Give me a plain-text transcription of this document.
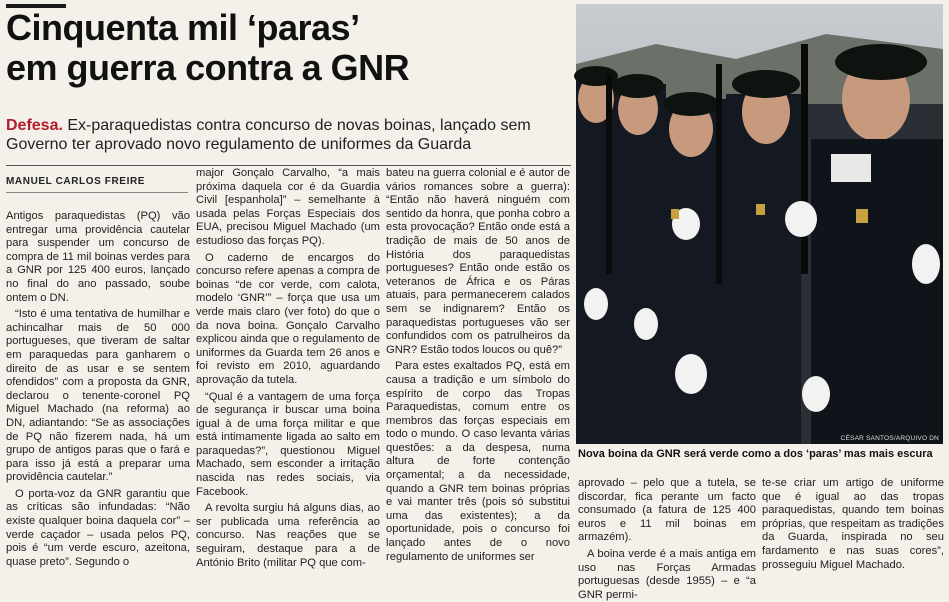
Cinquenta mil ‘paras’
em guerra contra a GNR
Defesa. Ex-paraquedistas contra concurso de novas boinas, lançado sem Governo ter aprovado novo regulamento de uniformes da Guarda
MANUEL CARLOS FREIRE

Antigos paraquedistas (PQ) vão entregar uma providência cautelar para suspender um concurso de compra de 11 mil boinas verdes para a GNR por 125 400 euros, lançado no final do ano passado, soube ontem o DN.

“Isto é uma tentativa de humilhar e achincalhar mais de 50 000 portugueses, que tiveram de saltar em paraquedas para ganharem o direito de as usar e se sentem ofendidos” com a proposta da GNR, declarou o tenente-coronel PQ Miguel Machado (na reforma) ao DN, adiantando: “Se as associações de PQ não fizerem nada, há um grupo de antigos paras que o fará e para isso já está a preparar uma providência cautelar.”

O porta-voz da GNR garantiu que as críticas são infundadas: “Não existe qualquer boina daquela cor” – verde caçador – usada pelos PQ, pois é “um verde escuro, azeitona, quase preto”. Segundo o

major Gonçalo Carvalho, “a mais próxima daquela cor é da Guardia Civil [espanhola]” – semelhante à usada pelas Forças Especiais dos EUA, precisou Miguel Machado (um estudioso das forças PQ).

O caderno de encargos do concurso refere apenas a compra de boinas “de cor verde, com calota, modelo ‘GNR’” – força que usa um verde mais claro (ver foto) do que o da nova boina. Gonçalo Carvalho explicou ainda que o regulamento de uniformes da Guarda tem 26 anos e foi revisto em 2010, aguardando aprovação da tutela.

“Qual é a vantagem de uma força de segurança ir buscar uma boina igual à de uma força militar e que está intimamente ligada ao salto em paraquedas?”, questionou Miguel Machado, sem esconder a irritação nascida nas redes sociais, via Facebook.

A revolta surgiu há alguns dias, ao ser publicada uma referência ao concurso. Nas reações que se seguiram, destaque para a de António Brito (militar PQ que com-

bateu na guerra colonial e é autor de vários romances sobre a guerra): “Então não haverá ninguém com sentido da honra, que ponha cobro a esta provocação? Então onde está a tradição de mais de 50 anos de História dos paraquedistas portugueses? Então onde estão os veteranos de África e os Páras atuais, para permanecerem calados sem se indignarem? Então os paraquedistas portugueses vão ser confundidos com os patrulheiros da GNR? Estão todos loucos ou quê?”

Para estes exaltados PQ, está em causa a tradição e um símbolo do espírito de corpo das Tropas Paraquedistas, comum entre os membros das forças especiais em todo o mundo. O caso levanta várias questões: a da despesa, numa altura de forte contenção orçamental; a da necessidade, quando a GNR tem boinas próprias e vai manter três (pois só substitui uma das existentes); a da oportunidade, pois o concurso foi lançado antes de o novo regulamento de uniformes ser

CÉSAR SANTOS/ARQUIVO DN
Nova boina da GNR será verde como a dos ‘paras’ mas mais escura

aprovado – pelo que a tutela, se discordar, fica perante um facto consumado (a fatura de 125 400 euros e 11 mil boinas em armazém).

A boina verde é a mais antiga em uso nas Forças Armadas portuguesas (desde 1955) – e “a GNR permi-

te-se criar um artigo de uniforme que é igual ao das tropas paraquedistas, quando tem boinas próprias, que respeitam as tradições da Guarda, inspirada no seu fardamento e nas suas cores”, prosseguiu Miguel Machado.
